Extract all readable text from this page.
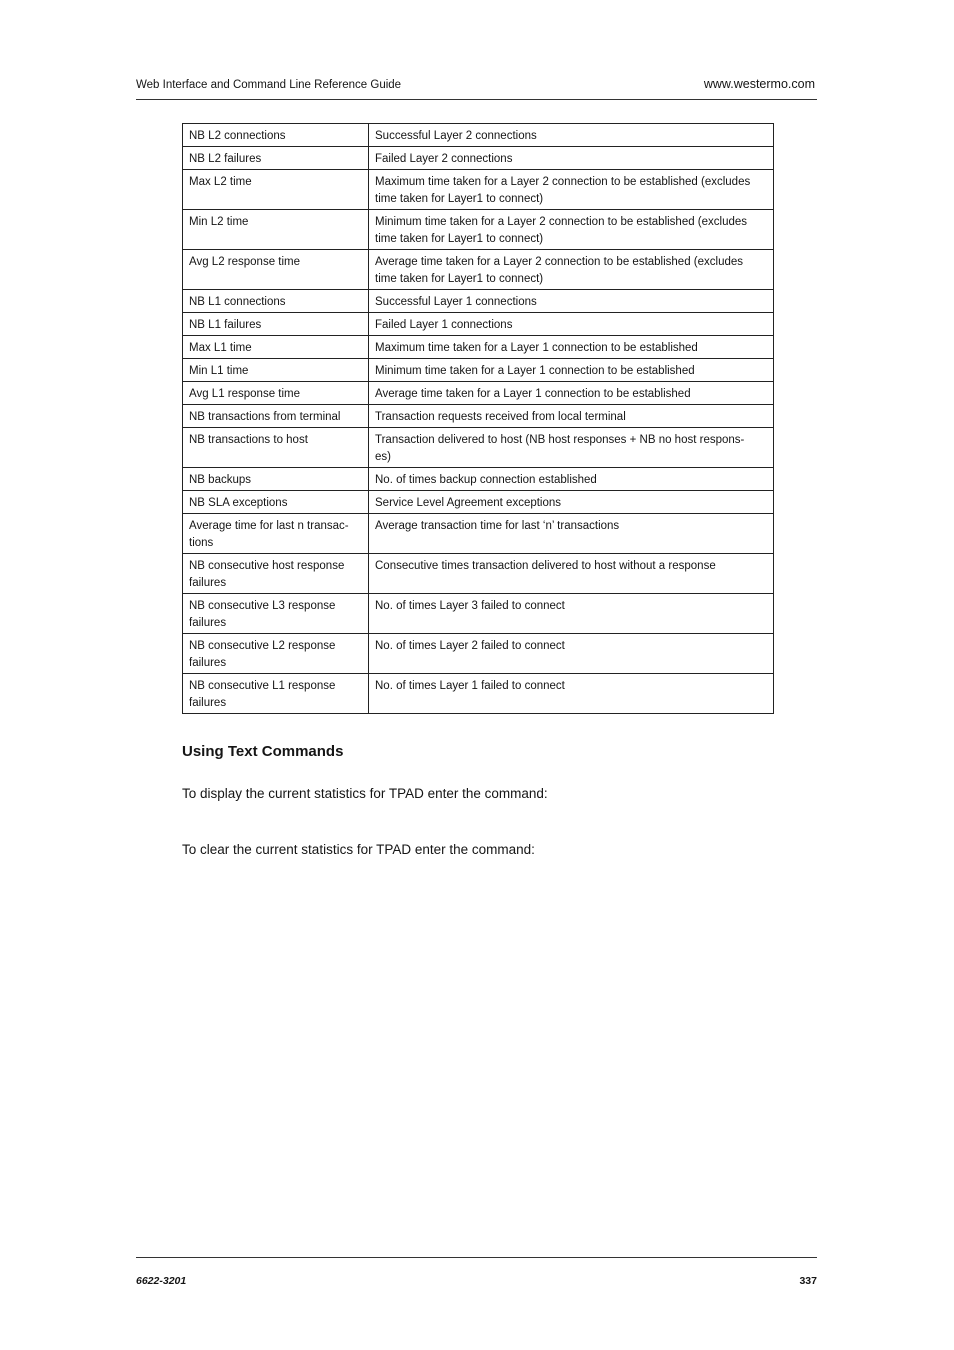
Web Interface and Command Line Reference Guide	www.westermo.com
NB L2 connections	Successful Layer 2 connections
NB L2 failures	Failed Layer 2 connections
Max L2 time	Maximum time taken for a Layer 2 connection to be established (excludes time taken for Layer1 to connect)
Min L2 time	Minimum time taken for a Layer 2 connection to be established (excludes time taken for Layer1 to connect)
Avg L2 response time	Average time taken for a Layer 2 connection to be established (excludes time taken for Layer1 to connect)
NB L1 connections	Successful Layer 1 connections
NB L1 failures	Failed Layer 1 connections
Max L1 time	Maximum time taken for a Layer 1 connection to be established
Min L1 time	Minimum time taken for a Layer 1 connection to be established
Avg L1 response time	Average time taken for a Layer 1 connection to be established
NB transactions from terminal	Transaction requests received from local terminal
NB transactions to host	Transaction delivered to host (NB host responses + NB no host respons-
es)
NB backups	No. of times backup connection established
NB SLA exceptions	Service Level Agreement exceptions
Average time for last n transac-
tions	Average transaction time for last ‘n’ transactions
NB consecutive host response failures	Consecutive times transaction delivered to host without a response
NB consecutive L3 response failures	No. of times Layer 3 failed to connect
NB consecutive L2 response failures	No. of times Layer 2 failed to connect
NB consecutive L1 response failures	No. of times Layer 1 failed to connect
Using Text Commands

To display the current statistics for TPAD enter the command:

To clear the current statistics for TPAD enter the command:

6622-3201	337
